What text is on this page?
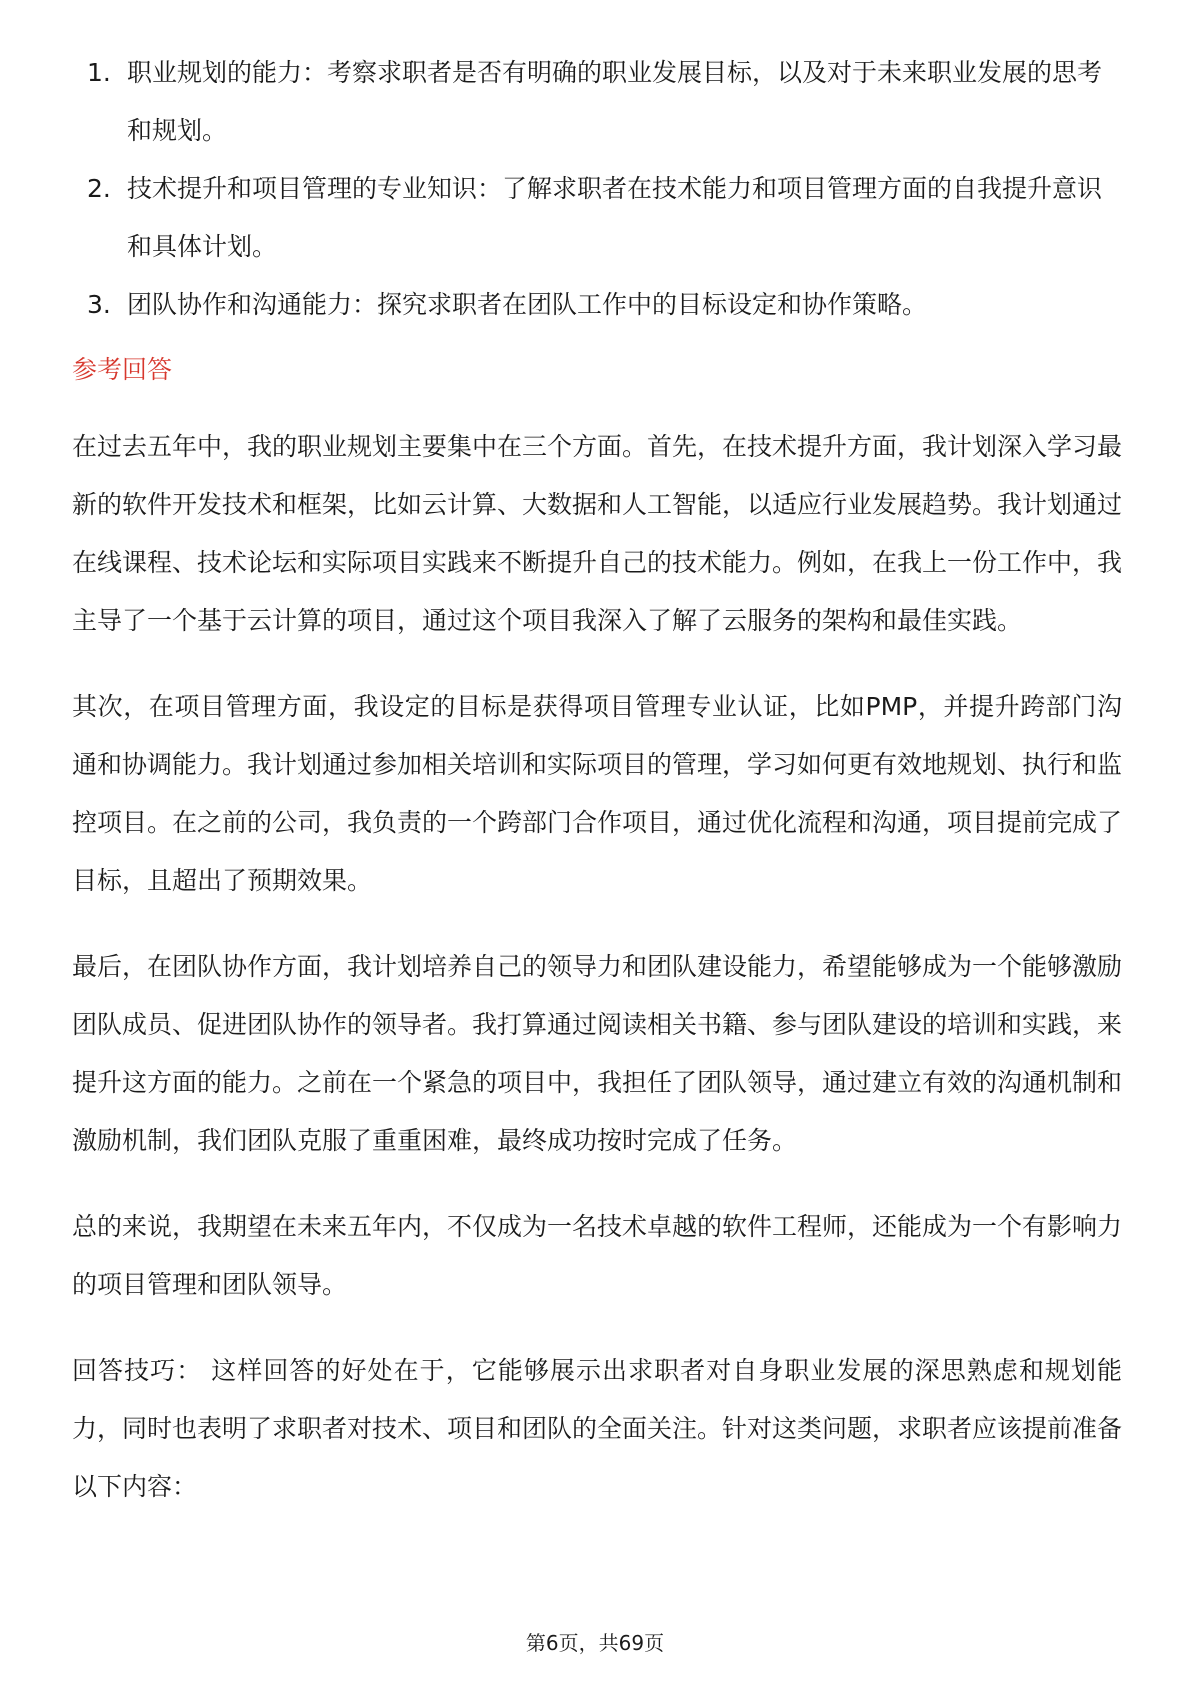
1. 职业规划的能力：考察求职者是否有明确的职业发展目标，以及对于未来职业发展的思考和规划。
2. 技术提升和项目管理的专业知识：了解求职者在技术能力和项目管理方面的自我提升意识和具体计划。
3. 团队协作和沟通能力：探究求职者在团队工作中的目标设定和协作策略。
参考回答

在过去五年中，我的职业规划主要集中在三个方面。首先，在技术提升方面，我计划深入学习最新的软件开发技术和框架，比如云计算、大数据和人工智能，以适应行业发展趋势。我计划通过在线课程、技术论坛和实际项目实践来不断提升自己的技术能力。例如，在我上一份工作中，我主导了一个基于云计算的项目，通过这个项目我深入了解了云服务的架构和最佳实践。

其次，在项目管理方面，我设定的目标是获得项目管理专业认证，比如PMP，并提升跨部门沟通和协调能力。我计划通过参加相关培训和实际项目的管理，学习如何更有效地规划、执行和监控项目。在之前的公司，我负责的一个跨部门合作项目，通过优化流程和沟通，项目提前完成了目标，且超出了预期效果。

最后，在团队协作方面，我计划培养自己的领导力和团队建设能力，希望能够成为一个能够激励团队成员、促进团队协作的领导者。我打算通过阅读相关书籍、参与团队建设的培训和实践，来提升这方面的能力。之前在一个紧急的项目中，我担任了团队领导，通过建立有效的沟通机制和激励机制，我们团队克服了重重困难，最终成功按时完成了任务。

总的来说，我期望在未来五年内，不仅成为一名技术卓越的软件工程师，还能成为一个有影响力的项目管理和团队领导。

回答技巧： 这样回答的好处在于，它能够展示出求职者对自身职业发展的深思熟虑和规划能力，同时也表明了求职者对技术、项目和团队的全面关注。针对这类问题，求职者应该提前准备以下内容：

第6页，共69页
